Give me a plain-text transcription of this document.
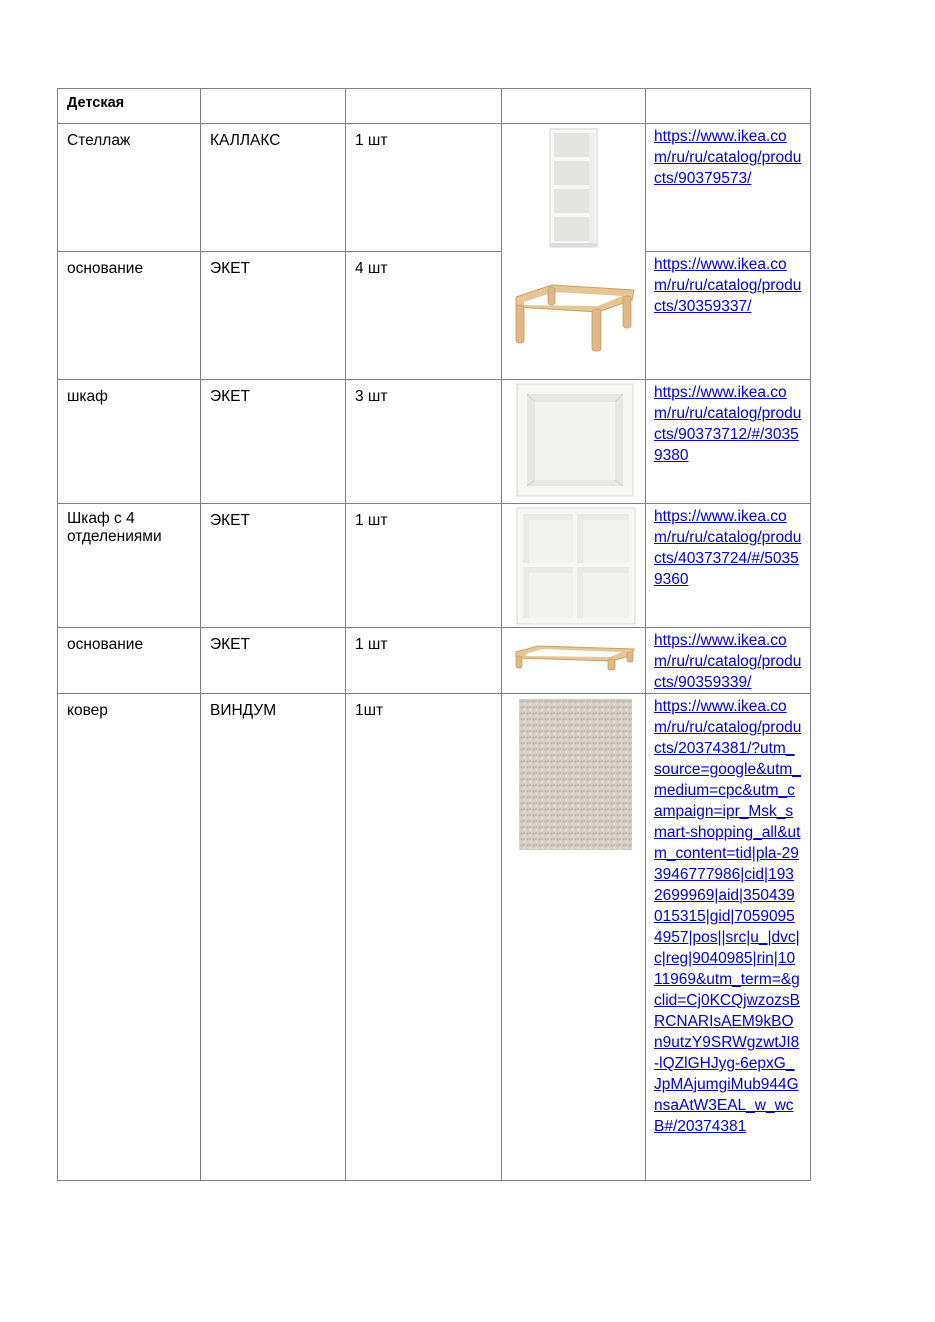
Детская				

Стеллаж	КАЛЛАКС	1 шт		https://www.ikea.com/ru/ru/catalog/products/90379573/

основание	ЭКЕТ	4 шт		https://www.ikea.com/ru/ru/catalog/products/30359337/

шкаф	ЭКЕТ	3 шт		https://www.ikea.com/ru/ru/catalog/products/90373712/#/30359380

Шкаф с 4 отделениями	ЭКЕТ	1 шт		https://www.ikea.com/ru/ru/catalog/products/40373724/#/50359360

основание	ЭКЕТ	1 шт		https://www.ikea.com/ru/ru/catalog/products/90359339/

ковер	ВИНДУМ	1шт		https://www.ikea.com/ru/ru/catalog/products/20374381/?utm_source=google&utm_medium=cpc&utm_campaign=ipr_Msk_smart-shopping_all&utm_content=tid|pla-293946777986|cid|1932699969|aid|350439015315|gid|70590954957|pos||src|u_|dvc|c|reg|9040985|rin|1011969&utm_term=&gclid=Cj0KCQjwzozsBRCNARIsAEM9kBOn9utzY9SRWgzwtJI8-lQZlGHJyg-6epxG_JpMAjumgiMub944GnsaAtW3EAL_w_wcB#/20374381
